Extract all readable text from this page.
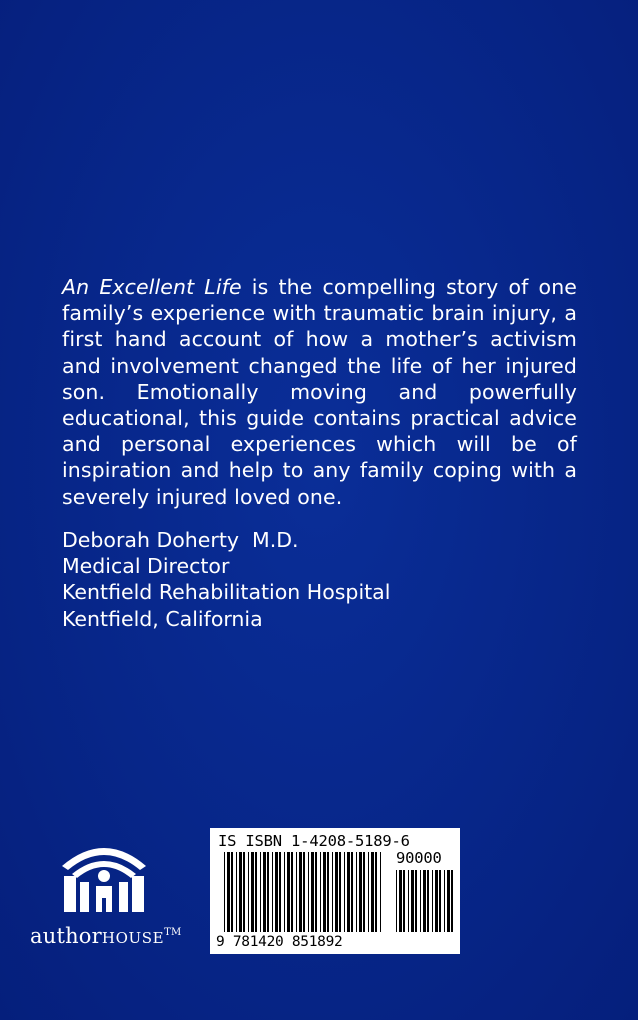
An Excellent Life is the compelling story of one family’s experience with traumatic brain injury, a first hand account of how a mother’s activism and involvement changed the life of her injured son. Emotionally moving and powerfully educational, this guide contains practical advice and personal experiences which will be of inspiration and help to any family coping with a severely injured loved one.
Deborah Doherty  M.D.
Medical Director
Kentfield Rehabilitation Hospital
Kentfield, California
authorHOUSE™
IS ISBN 1-4208-5189-6
90000
9 781420 851892
